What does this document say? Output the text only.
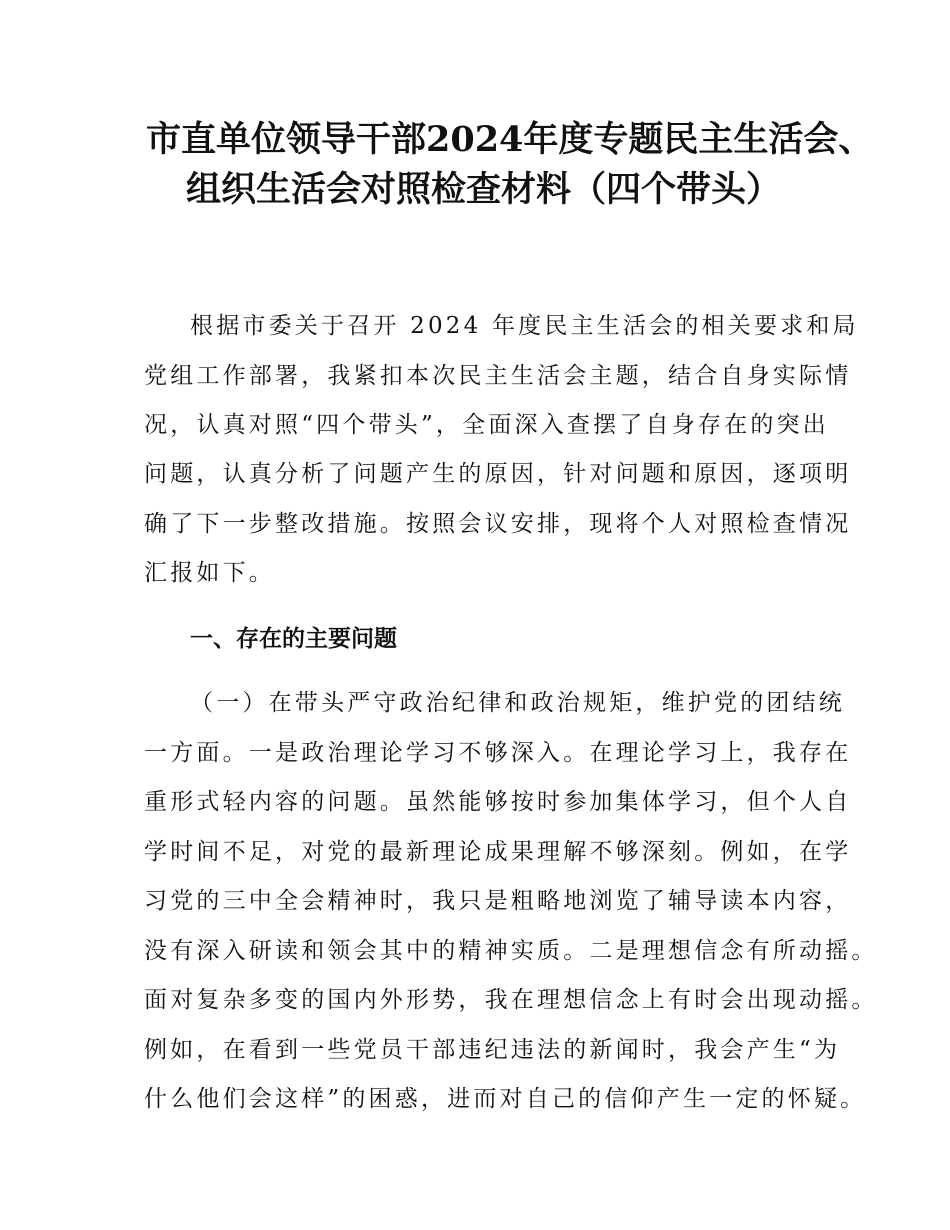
市直单位领导干部2024年度专题民主生活会、
组织生活会对照检查材料（四个带头）
根据市委关于召开 2024 年度民主生活会的相关要求和局
党组工作部署，我紧扣本次民主生活会主题，结合自身实际情
况，认真对照“四个带头”，全面深入查摆了自身存在的突出
问题，认真分析了问题产生的原因，针对问题和原因，逐项明
确了下一步整改措施。按照会议安排，现将个人对照检查情况
汇报如下。
一、存在的主要问题
（一）在带头严守政治纪律和政治规矩，维护党的团结统
一方面。一是政治理论学习不够深入。在理论学习上，我存在
重形式轻内容的问题。虽然能够按时参加集体学习，但个人自
学时间不足，对党的最新理论成果理解不够深刻。例如，在学
习党的三中全会精神时，我只是粗略地浏览了辅导读本内容，
没有深入研读和领会其中的精神实质。二是理想信念有所动摇。
面对复杂多变的国内外形势，我在理想信念上有时会出现动摇。
例如，在看到一些党员干部违纪违法的新闻时，我会产生“为
什么他们会这样”的困惑，进而对自己的信仰产生一定的怀疑。
